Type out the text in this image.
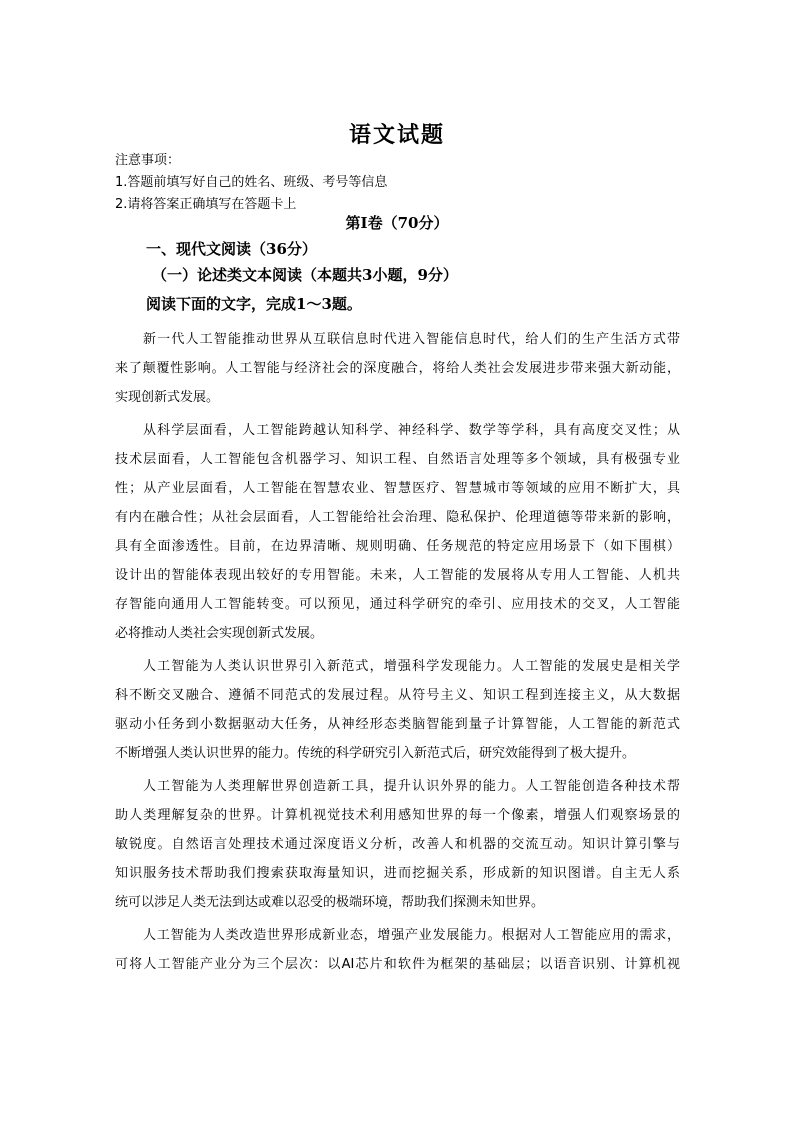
语文试题
注意事项：
1.答题前填写好自己的姓名、班级、考号等信息
2.请将答案正确填写在答题卡上
第Ⅰ卷（70分）
一、现代文阅读（36分）
（一）论述类文本阅读（本题共3小题，9分）
阅读下面的文字，完成1～3题。
新一代人工智能推动世界从互联信息时代进入智能信息时代，给人们的生产生活方式带
来了颠覆性影响。人工智能与经济社会的深度融合，将给人类社会发展进步带来强大新动能，
实现创新式发展。
从科学层面看，人工智能跨越认知科学、神经科学、数学等学科，具有高度交叉性；从
技术层面看，人工智能包含机器学习、知识工程、自然语言处理等多个领域，具有极强专业
性；从产业层面看，人工智能在智慧农业、智慧医疗、智慧城市等领域的应用不断扩大，具
有内在融合性；从社会层面看，人工智能给社会治理、隐私保护、伦理道德等带来新的影响，
具有全面渗透性。目前，在边界清晰、规则明确、任务规范的特定应用场景下（如下围棋）
设计出的智能体表现出较好的专用智能。未来，人工智能的发展将从专用人工智能、人机共
存智能向通用人工智能转变。可以预见，通过科学研究的牵引、应用技术的交叉，人工智能
必将推动人类社会实现创新式发展。
人工智能为人类认识世界引入新范式，增强科学发现能力。人工智能的发展史是相关学
科不断交叉融合、遵循不同范式的发展过程。从符号主义、知识工程到连接主义，从大数据
驱动小任务到小数据驱动大任务，从神经形态类脑智能到量子计算智能，人工智能的新范式
不断增强人类认识世界的能力。传统的科学研究引入新范式后，研究效能得到了极大提升。
人工智能为人类理解世界创造新工具，提升认识外界的能力。人工智能创造各种技术帮
助人类理解复杂的世界。计算机视觉技术利用感知世界的每一个像素，增强人们观察场景的
敏锐度。自然语言处理技术通过深度语义分析，改善人和机器的交流互动。知识计算引擎与
知识服务技术帮助我们搜索获取海量知识，进而挖掘关系，形成新的知识图谱。自主无人系
统可以涉足人类无法到达或难以忍受的极端环境，帮助我们探测未知世界。
人工智能为人类改造世界形成新业态，增强产业发展能力。根据对人工智能应用的需求，
可将人工智能产业分为三个层次：以AI芯片和软件为框架的基础层；以语音识别、计算机视
